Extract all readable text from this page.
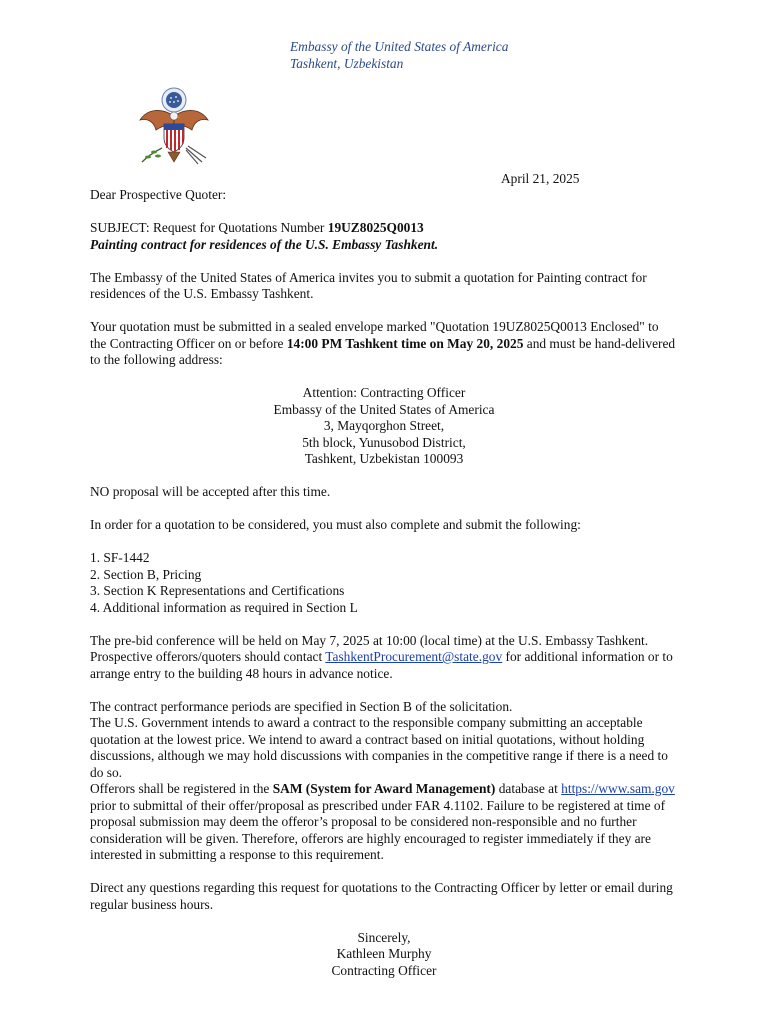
Embassy of the United States of America
Tashkent, Uzbekistan
April 21, 2025

Dear Prospective Quoter:

SUBJECT: Request for Quotations Number 19UZ8025Q0013

Painting contract for residences of the U.S. Embassy Tashkent.

The Embassy of the United States of America invites you to submit a quotation for Painting contract for residences of the U.S. Embassy Tashkent.

Your quotation must be submitted in a sealed envelope marked "Quotation 19UZ8025Q0013 Enclosed" to the Contracting Officer on or before 14:00 PM Tashkent time on May 20, 2025 and must be hand-delivered to the following address:

Attention: Contracting Officer
Embassy of the United States of America
3, Mayqorghon Street,
5th block, Yunusobod District,
Tashkent, Uzbekistan 100093

NO proposal will be accepted after this time.

In order for a quotation to be considered, you must also complete and submit the following:

1. SF-1442
2. Section B, Pricing
3. Section K Representations and Certifications
4. Additional information as required in Section L

The pre-bid conference will be held on May 7, 2025 at 10:00 (local time) at the U.S. Embassy Tashkent. Prospective offerors/quoters should contact TashkentProcurement@state.gov for additional information or to arrange entry to the building 48 hours in advance notice.

The contract performance periods are specified in Section B of the solicitation.

The U.S. Government intends to award a contract to the responsible company submitting an acceptable quotation at the lowest price. We intend to award a contract based on initial quotations, without holding discussions, although we may hold discussions with companies in the competitive range if there is a need to do so.

Offerors shall be registered in the SAM (System for Award Management) database at https://www.sam.gov prior to submittal of their offer/proposal as prescribed under FAR 4.1102. Failure to be registered at time of proposal submission may deem the offeror’s proposal to be considered non-responsible and no further consideration will be given. Therefore, offerors are highly encouraged to register immediately if they are interested in submitting a response to this requirement.

Direct any questions regarding this request for quotations to the Contracting Officer by letter or email during regular business hours.

Sincerely,
Kathleen Murphy
Contracting Officer
